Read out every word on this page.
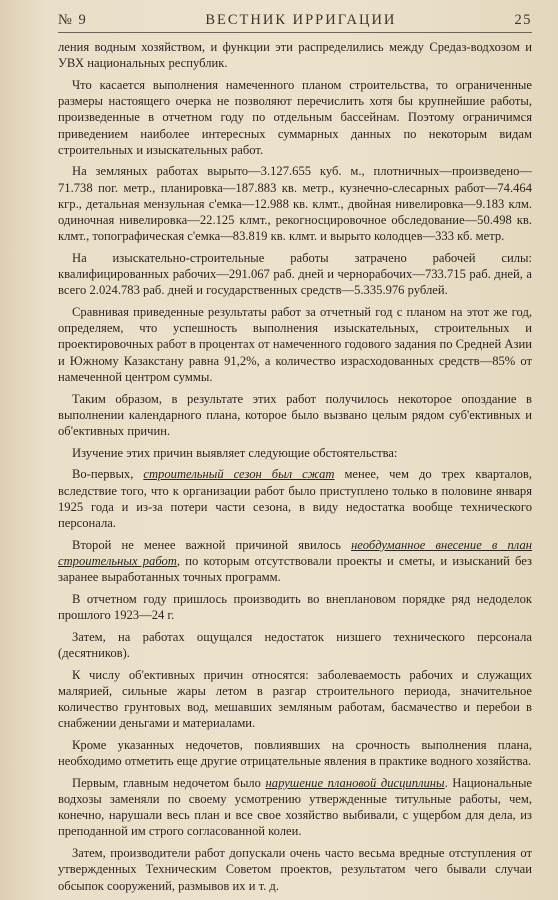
№ 9	ВЕСТНИК ИРРИГАЦИИ	25

ления водным хозяйством, и функции эти распределились между Средаз-водхозом и УВХ национальных республик.

Что касается выполнения намеченного планом строительства, то ограниченные размеры настоящего очерка не позволяют перечислить хотя бы крупнейшие работы, произведенные в отчетном году по отдельным бассейнам. Поэтому ограничимся приведением наиболее интересных суммарных данных по некоторым видам строительных и изыскательных работ.

На земляных работах вырыто—3.127.655 куб. м., плотничных—произведено—71.738 пог. метр., планировка—187.883 кв. метр., кузнечно-слесарных работ—74.464 кгр., детальная мензульная с'емка—12.988 кв. клмт., двойная нивелировка—9.183 клм. одиночная нивелировка—22.125 клмт., рекогносцировочное обследование—50.498 кв. клмт., топографическая с'емка—83.819 кв. клмт. и вырыто колодцев—333 кб. метр.

На изыскательно-строительные работы затрачено рабочей силы: квалифицированных рабочих—291.067 раб. дней и чернорабочих—733.715 раб. дней, а всего 2.024.783 раб. дней и государственных средств—5.335.976 рублей.

Сравнивая приведенные результаты работ за отчетный год с планом на этот же год, определяем, что успешность выполнения изыскательных, строительных и проектировочных работ в процентах от намеченного годового задания по Средней Азии и Южному Казакстану равна 91,2%, а количество израсходованных средств—85% от намеченной центром суммы.

Таким образом, в результате этих работ получилось некоторое опоздание в выполнении календарного плана, которое было вызвано целым рядом суб'ективных и об'ективных причин.

Изучение этих причин выявляет следующие обстоятельства:

Во-первых, строительный сезон был сжат менее, чем до трех кварталов, вследствие того, что к организации работ было приступлено только в половине января 1925 года и из-за потери части сезона, в виду недостатка вообще технического персонала.

Второй не менее важной причиной явилось необдуманное внесение в план строительных работ, по которым отсутствовали проекты и сметы, и изысканий без заранее выработанных точных программ.

В отчетном году пришлось производить во внеплановом порядке ряд недоделок прошлого 1923—24 г.

Затем, на работах ощущался недостаток низшего технического персонала (десятников).

К числу об'ективных причин относятся: заболеваемость рабочих и служащих малярией, сильные жары летом в разгар строительного периода, значительное количество грунтовых вод, мешавших земляным работам, басмачество и перебои в снабжении деньгами и материалами.

Кроме указанных недочетов, повлиявших на срочность выполнения плана, необходимо отметить еще другие отрицательные явления в практике водного хозяйства.

Первым, главным недочетом было нарушение плановой дисциплины. Национальные водхозы заменяли по своему усмотрению утвержденные титульные работы, чем, конечно, нарушали весь план и все свое хозяйство выбивали, с ущербом для дела, из преподанной им строго согласованной колеи.

Затем, производители работ допускали очень часто весьма вредные отступления от утвержденных Техническим Советом проектов, результатом чего бывали случаи обсыпок сооружений, размывов их и т. д.
